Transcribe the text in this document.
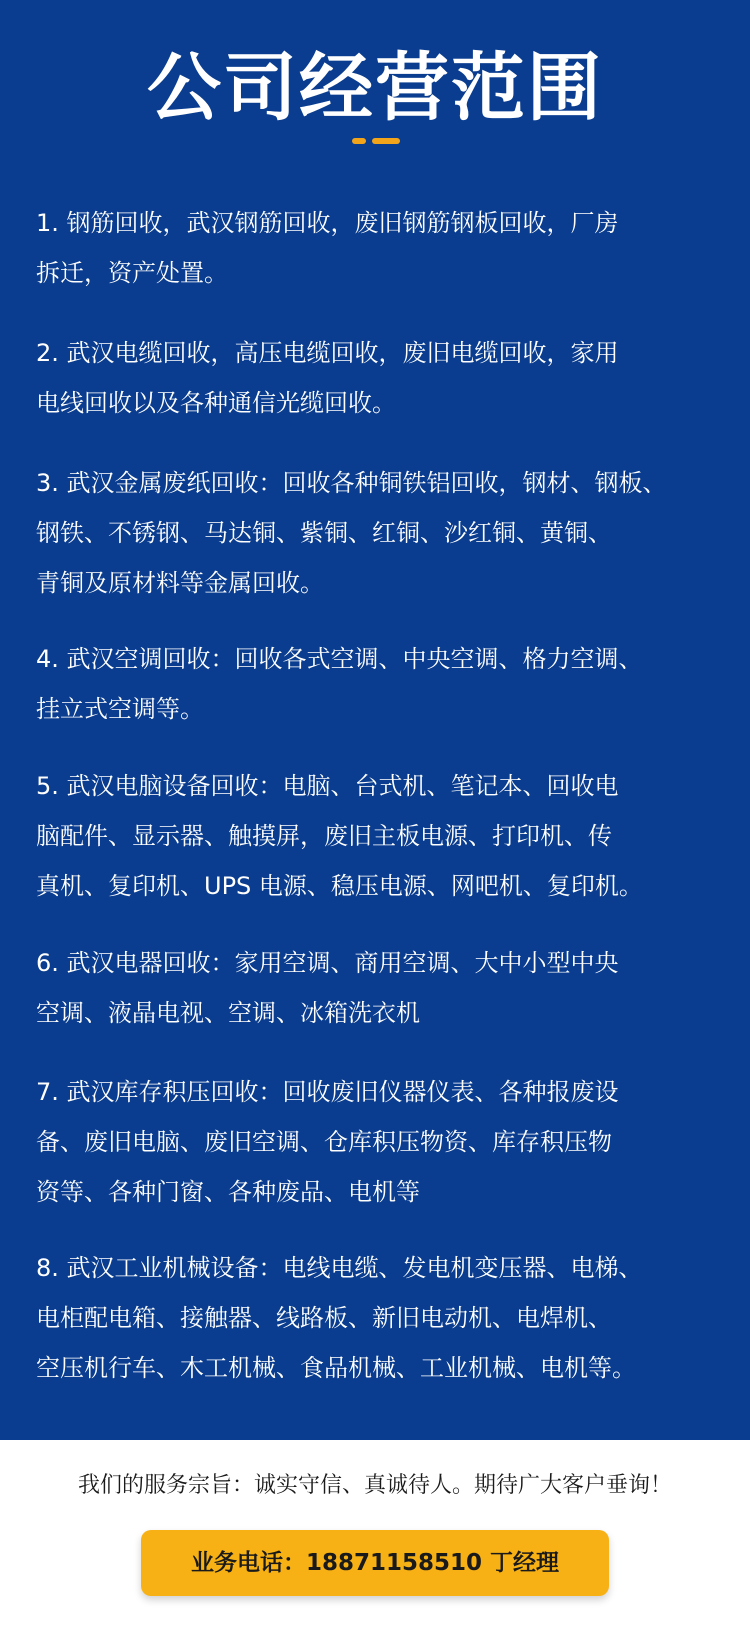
公司经营范围

1. 钢筋回收，武汉钢筋回收，废旧钢筋钢板回收，厂房
拆迁，资产处置。

2. 武汉电缆回收，高压电缆回收，废旧电缆回收，家用
电线回收以及各种通信光缆回收。

3. 武汉金属废纸回收：回收各种铜铁铝回收，钢材、钢板、
钢铁、不锈钢、马达铜、紫铜、红铜、沙红铜、黄铜、
青铜及原材料等金属回收。

4. 武汉空调回收：回收各式空调、中央空调、格力空调、
挂立式空调等。

5. 武汉电脑设备回收：电脑、台式机、笔记本、回收电
脑配件、显示器、触摸屏，废旧主板电源、打印机、传
真机、复印机、UPS 电源、稳压电源、网吧机、复印机。

6. 武汉电器回收：家用空调、商用空调、大中小型中央
空调、液晶电视、空调、冰箱洗衣机

7. 武汉库存积压回收：回收废旧仪器仪表、各种报废设
备、废旧电脑、废旧空调、仓库积压物资、库存积压物
资等、各种门窗、各种废品、电机等

8. 武汉工业机械设备：电线电缆、发电机变压器、电梯、
电柜配电箱、接触器、线路板、新旧电动机、电焊机、
空压机行车、木工机械、食品机械、工业机械、电机等。

我们的服务宗旨：诚实守信、真诚待人。期待广大客户垂询！
业务电话：18871158510 丁经理
